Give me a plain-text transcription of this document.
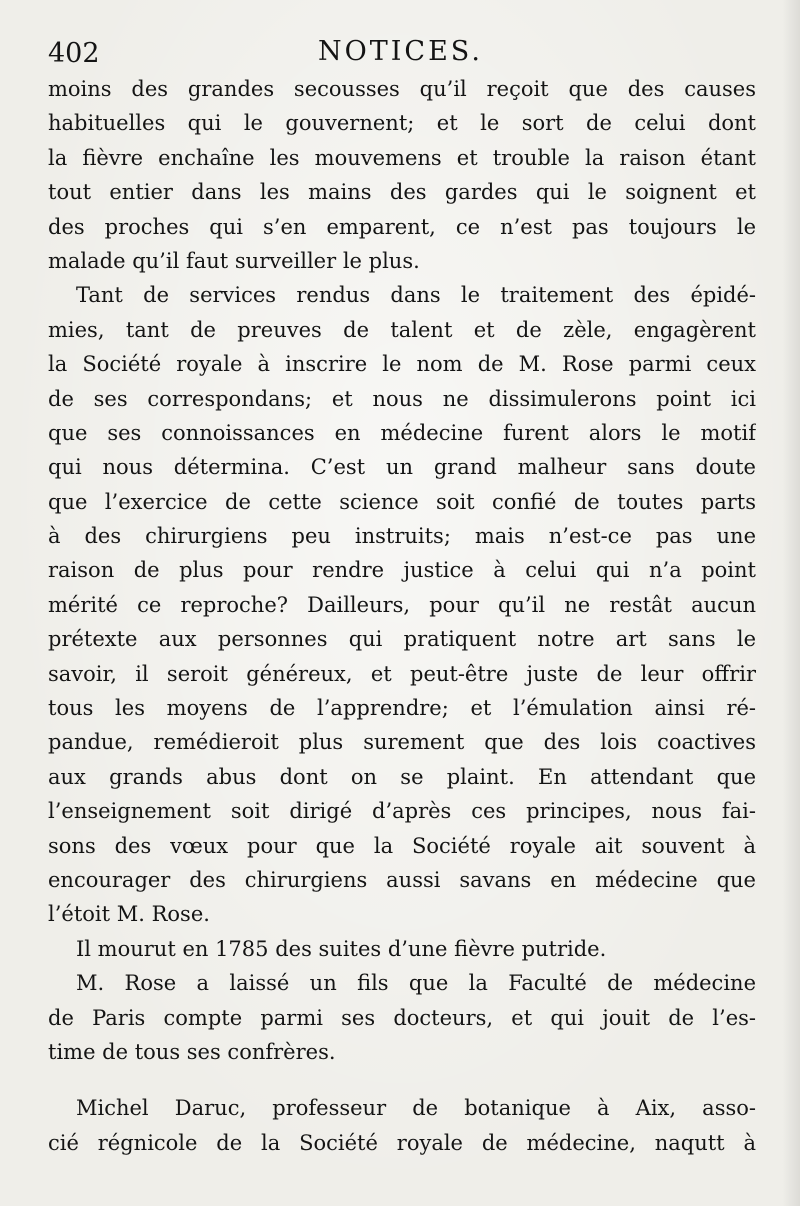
402	NOTICES.
moins des grandes secousses qu’il reçoit que des causes
habituelles qui le gouvernent; et le sort de celui dont
la fièvre enchaîne les mouvemens et trouble la raison étant
tout entier dans les mains des gardes qui le soignent et
des proches qui s’en emparent, ce n’est pas toujours le
malade qu’il faut surveiller le plus.
Tant de services rendus dans le traitement des épidé-
mies, tant de preuves de talent et de zèle, engagèrent
la Société royale à inscrire le nom de M. Rose parmi ceux
de ses correspondans; et nous ne dissimulerons point ici
que ses connoissances en médecine furent alors le motif
qui nous détermina. C’est un grand malheur sans doute
que l’exercice de cette science soit confié de toutes parts
à des chirurgiens peu instruits; mais n’est-ce pas une
raison de plus pour rendre justice à celui qui n’a point
mérité ce reproche? Dailleurs, pour qu’il ne restât aucun
prétexte aux personnes qui pratiquent notre art sans le
savoir, il seroit généreux, et peut-être juste de leur offrir
tous les moyens de l’apprendre; et l’émulation ainsi ré-
pandue, remédieroit plus surement que des lois coactives
aux grands abus dont on se plaint. En attendant que
l’enseignement soit dirigé d’après ces principes, nous fai-
sons des vœux pour que la Société royale ait souvent à
encourager des chirurgiens aussi savans en médecine que
l’étoit M. Rose.
Il mourut en 1785 des suites d’une fièvre putride.
M. Rose a laissé un fils que la Faculté de médecine
de Paris compte parmi ses docteurs, et qui jouit de l’es-
time de tous ses confrères.
Michel Daruc, professeur de botanique à Aix, asso-
cié régnicole de la Société royale de médecine, naqutt à
